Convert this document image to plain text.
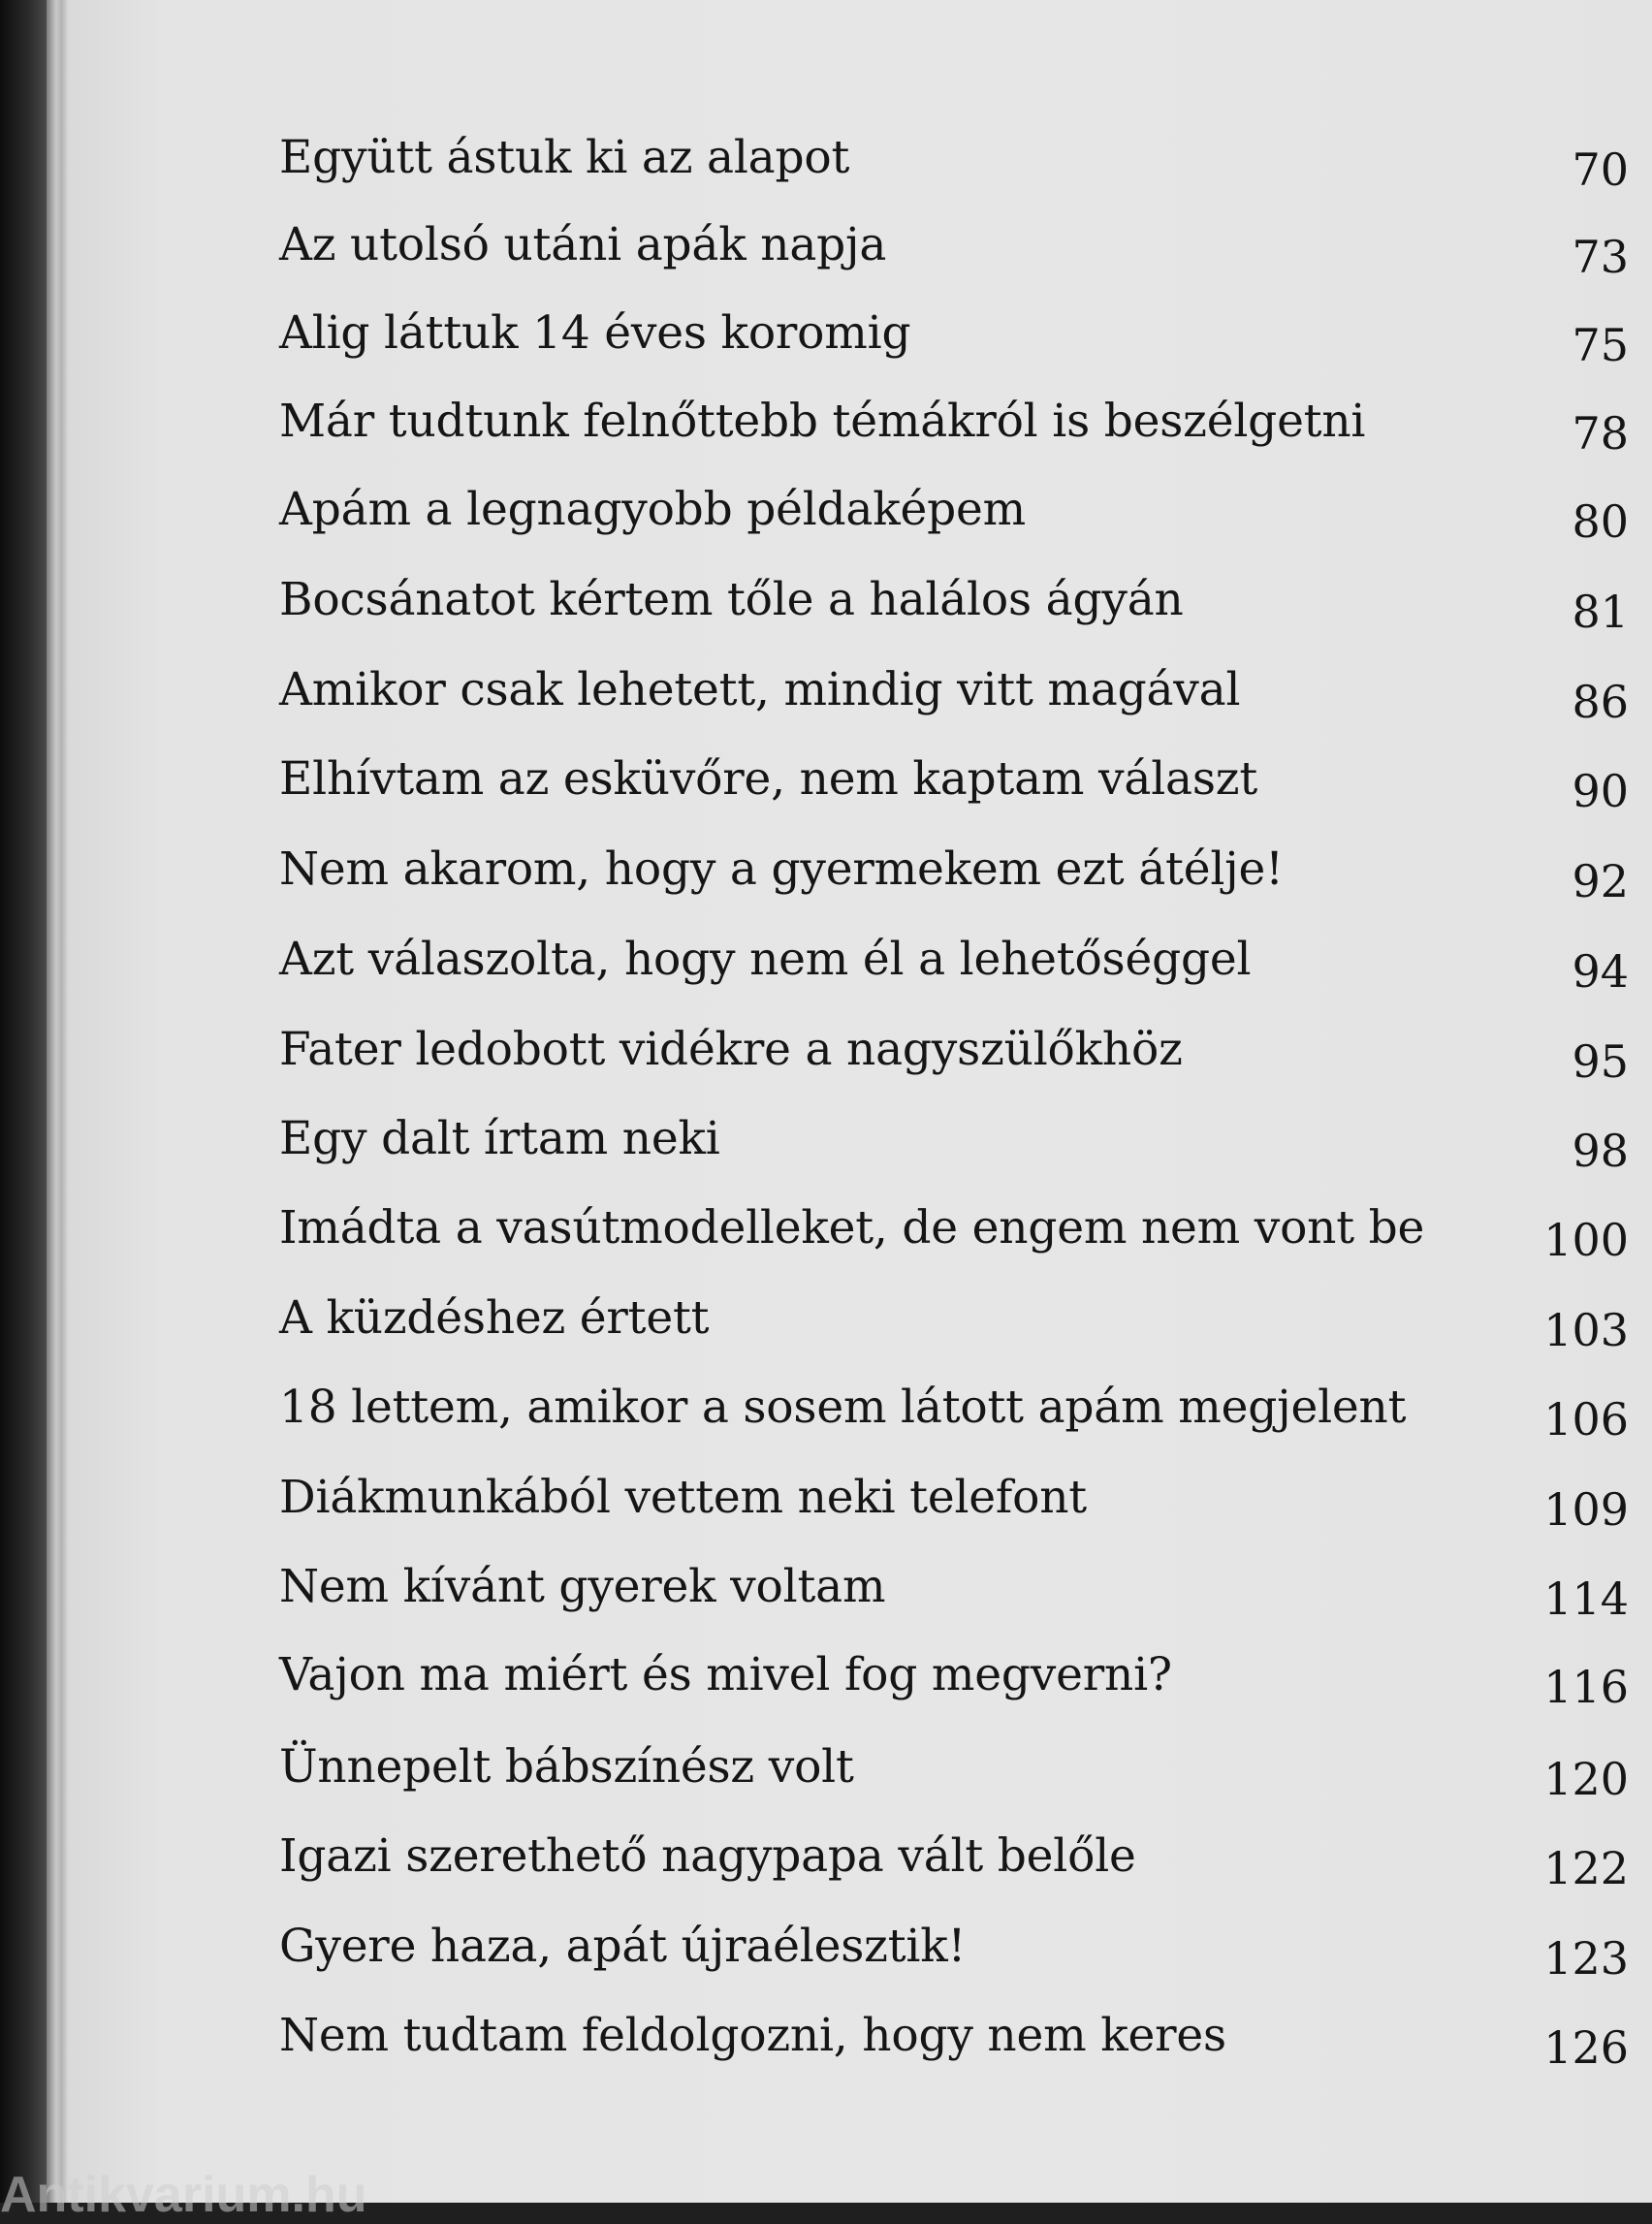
Együtt ástuk ki az alapot	70
Az utolsó utáni apák napja	73
Alig láttuk 14 éves koromig	75
Már tudtunk felnőttebb témákról is beszélgetni	78
Apám a legnagyobb példaképem	80
Bocsánatot kértem tőle a halálos ágyán	81
Amikor csak lehetett, mindig vitt magával	86
Elhívtam az esküvőre, nem kaptam választ	90
Nem akarom, hogy a gyermekem ezt átélje!	92
Azt válaszolta, hogy nem él a lehetőséggel	94
Fater ledobott vidékre a nagyszülőkhöz	95
Egy dalt írtam neki	98
Imádta a vasútmodelleket, de engem nem vont be	100
A küzdéshez értett	103
18 lettem, amikor a sosem látott apám megjelent	106
Diákmunkából vettem neki telefont	109
Nem kívánt gyerek voltam	114
Vajon ma miért és mivel fog megverni?	116
Ünnepelt bábszínész volt	120
Igazi szerethető nagypapa vált belőle	122
Gyere haza, apát újraélesztik!	123
Nem tudtam feldolgozni, hogy nem keres	126
Antikvarium.hu
